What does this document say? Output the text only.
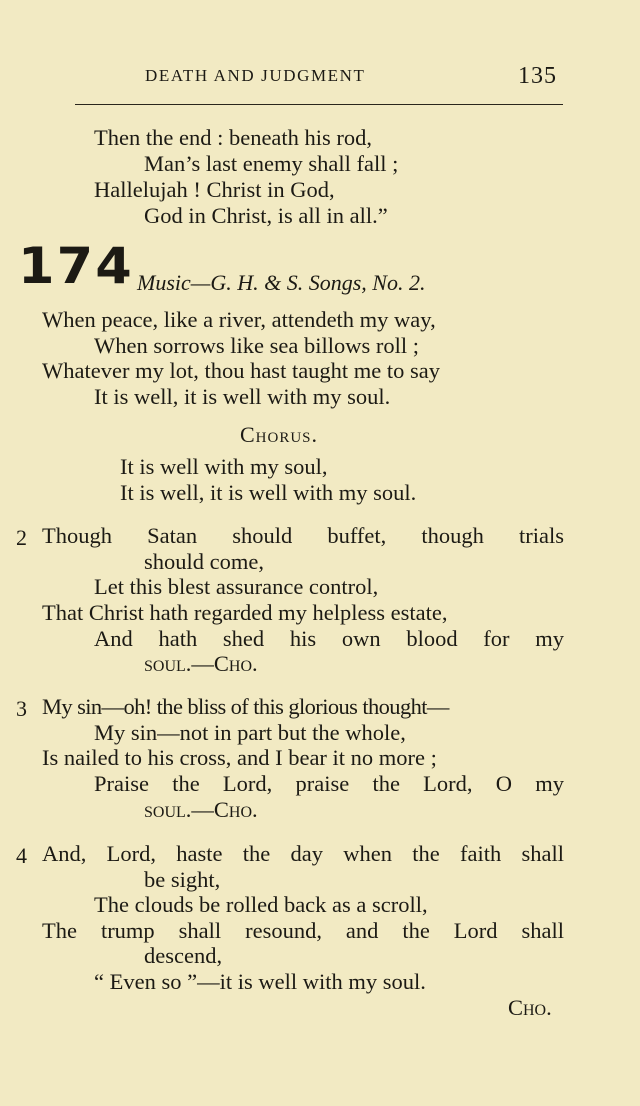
DEATH AND JUDGMENT	135
Then the end : beneath his rod,
Man’s last enemy shall fall ;
Hallelujah ! Christ in God,
God in Christ, is all in all.”
174 Music—G. H. & S. Songs, No. 2.
When peace, like a river, attendeth my way,
When sorrows like sea billows roll ;
Whatever my lot, thou hast taught me to say
It is well, it is well with my soul.
Chorus.
It is well with my soul,
It is well, it is well with my soul.
2 Though Satan should buffet, though trials
should come,
Let this blest assurance control,
That Christ hath regarded my helpless estate,
And hath shed his own blood for my
soul.—Cho.
3 My sin—oh! the bliss of this glorious thought—
My sin—not in part but the whole,
Is nailed to his cross, and I bear it no more ;
Praise the Lord, praise the Lord, O my
soul.—Cho.
4 And, Lord, haste the day when the faith shall
be sight,
The clouds be rolled back as a scroll,
The trump shall resound, and the Lord shall
descend,
“ Even so ”—it is well with my soul.
Cho.
